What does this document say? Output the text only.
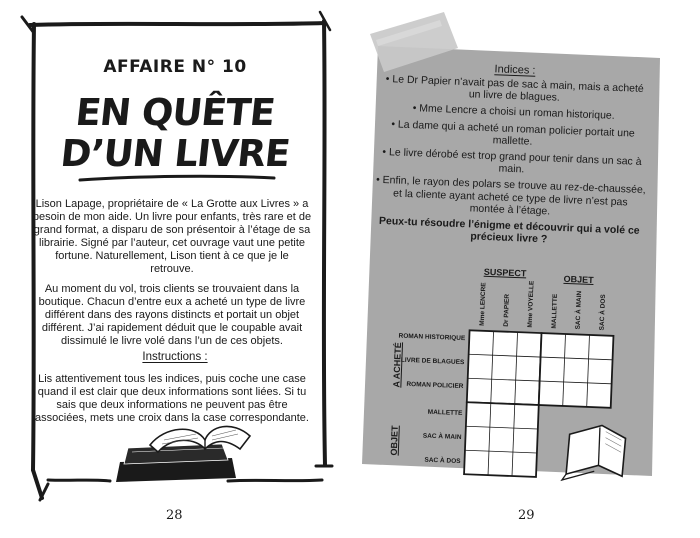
AFFAIRE N° 10
EN QUÊTE
D’UN LIVRE

Lison Lapage, propriétaire de « La Grotte aux Livres » a besoin de mon aide. Un livre pour enfants, très rare et de grand format, a disparu de son présentoir à l’étage de sa librairie. Signé par l’auteur, cet ouvrage vaut une petite fortune. Naturellement, Lison tient à ce que je le retrouve.

Au moment du vol, trois clients se trouvaient dans la boutique. Chacun d’entre eux a acheté un type de livre différent dans des rayons distincts et portait un objet différent. J’ai rapidement déduit que le coupable avait dissimulé le livre volé dans l’un de ces objets.

Instructions :

Lis attentivement tous les indices, puis coche une case quand il est clair que deux informations sont liées. Si tu sais que deux informations ne peuvent pas être associées, mets une croix dans la case correspondante.

28
Indices :

• Le Dr Papier n’avait pas de sac à main, mais a acheté un livre de blagues.

• Mme Lencre a choisi un roman historique.

• La dame qui a acheté un roman policier portait une mallette.

• Le livre dérobé est trop grand pour tenir dans un sac à main.

• Enfin, le rayon des polars se trouve au rez-de-chaussée, et la cliente ayant acheté ce type de livre n’est pas montée à l’étage.

Peux-tu résoudre l’énigme et découvrir qui a volé ce précieux livre ?

SUSPECT
OBJET
Mme LENCRE Dr PAPIER Mme VOYELLE MALLETTE SAC À MAIN SAC À DOS
A ACHETÉ
OBJET
ROMAN HISTORIQUE
LIVRE DE BLAGUES
ROMAN POLICIER
MALLETTE
SAC À MAIN
SAC À DOS
29
